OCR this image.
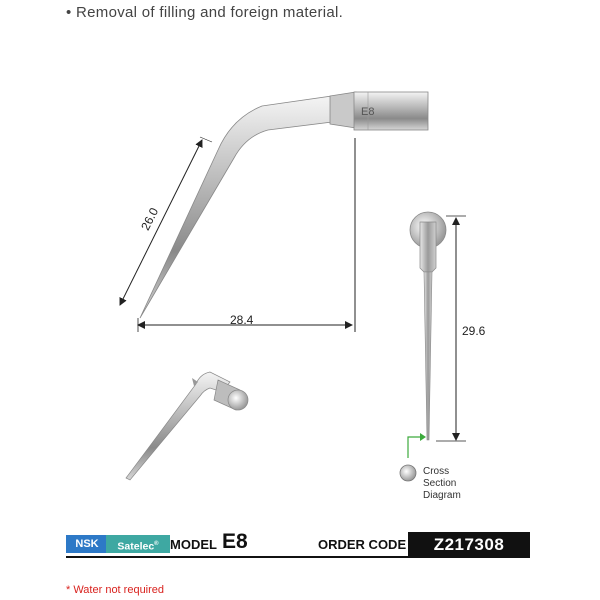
• Removal of filling and foreign material.
E8
26.0
28.4
29.6
Cross
Section
Diagram
NSK	Satelec® MODEL E8	ORDER CODE	Z217308
* Water not required
